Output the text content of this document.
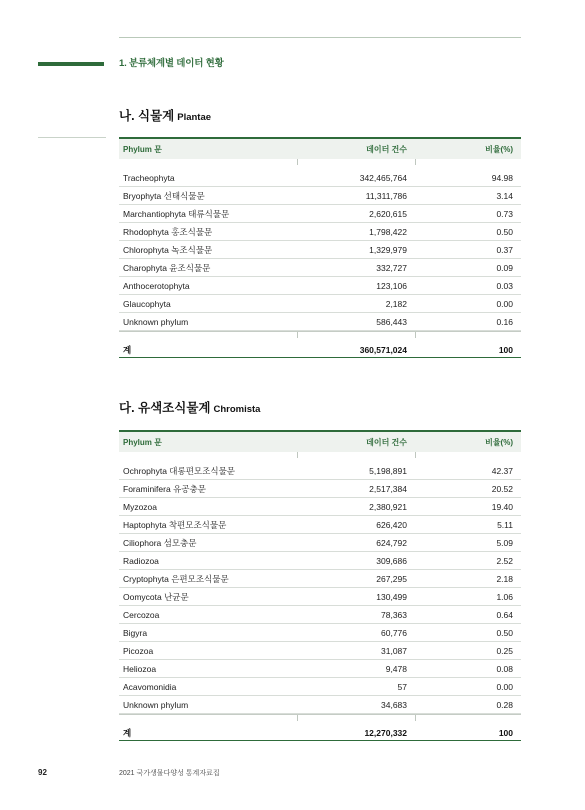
1. 분류체계별 데이터 현황
나. 식물계 Plantae
Phylum 문	데이터 건수	비율(%)
Tracheophyta	342,465,764	94.98
Bryophyta 선태식물문	11,311,786	3.14
Marchantiophyta 태류식물문	2,620,615	0.73
Rhodophyta 홍조식물문	1,798,422	0.50
Chlorophyta 녹조식물문	1,329,979	0.37
Charophyta 윤조식물문	332,727	0.09
Anthocerotophyta	123,106	0.03
Glaucophyta	2,182	0.00
Unknown phylum	586,443	0.16
계	360,571,024	100
다. 유색조식물계 Chromista
Phylum 문	데이터 건수	비율(%)
Ochrophyta 대롱편모조식물문	5,198,891	42.37
Foraminifera 유공충문	2,517,384	20.52
Myzozoa	2,380,921	19.40
Haptophyta 착편모조식물문	626,420	5.11
Ciliophora 섬모충문	624,792	5.09
Radiozoa	309,686	2.52
Cryptophyta 은편모조식물문	267,295	2.18
Oomycota 난균문	130,499	1.06
Cercozoa	78,363	0.64
Bigyra	60,776	0.50
Picozoa	31,087	0.25
Heliozoa	9,478	0.08
Acavomonidia	57	0.00
Unknown phylum	34,683	0.28
계	12,270,332	100
92	2021 국가생물다양성 통계자료집
